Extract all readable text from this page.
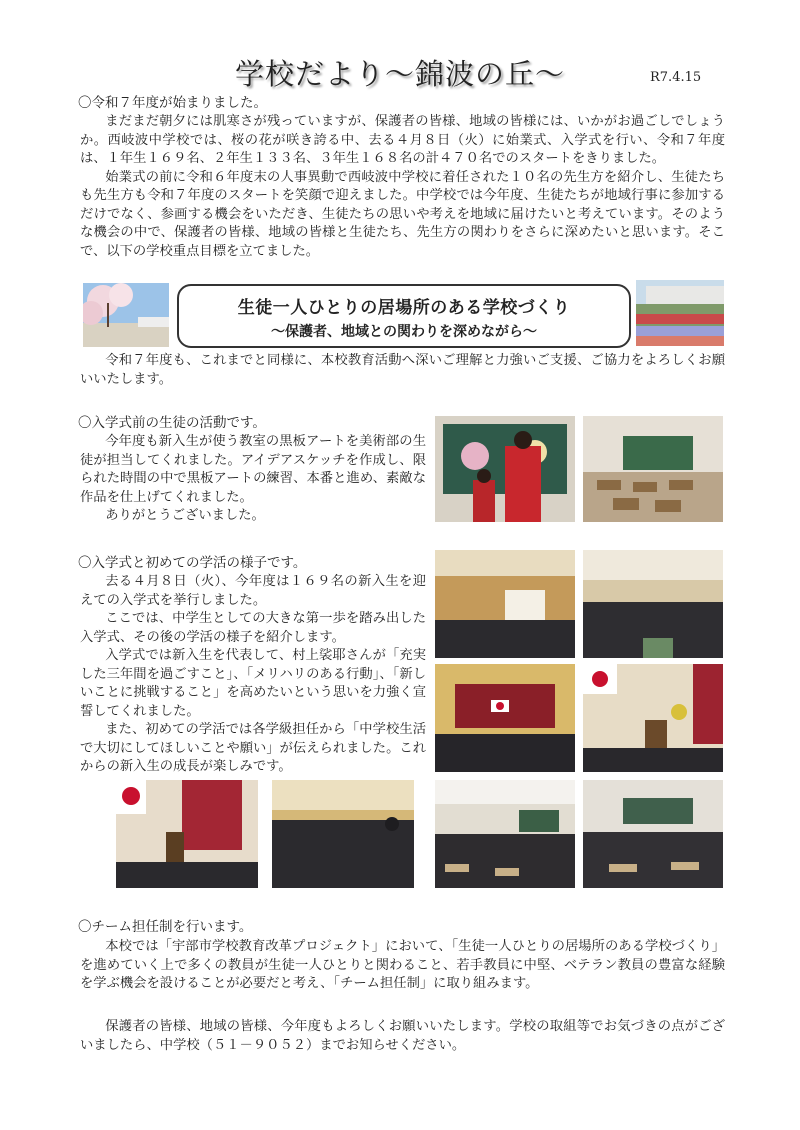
学校だより～錦波の丘～	R7.4.15
〇令和７年度が始まりました。

まだまだ朝夕には肌寒さが残っていますが、保護者の皆様、地域の皆様には、いかがお過ごしでしょうか。西岐波中学校では、桜の花が咲き誇る中、去る４月８日（火）に始業式、入学式を行い、令和７年度は、１年生１６９名、２年生１３３名、３年生１６８名の計４７０名でのスタートをきりました。

始業式の前に令和６年度末の人事異動で西岐波中学校に着任された１０名の先生方を紹介し、生徒たちも先生方も令和７年度のスタートを笑顔で迎えました。中学校では今年度、生徒たちが地域行事に参加するだけでなく、参画する機会をいただき、生徒たちの思いや考えを地域に届けたいと考えています。そのような機会の中で、保護者の皆様、地域の皆様と生徒たち、先生方の関わりをさらに深めたいと思います。そこで、以下の学校重点目標を立てました。

生徒一人ひとりの居場所のある学校づくり
～保護者、地域との関わりを深めながら～

令和７年度も、これまでと同様に、本校教育活動へ深いご理解と力強いご支援、ご協力をよろしくお願いいたします。

〇入学式前の生徒の活動です。

今年度も新入生が使う教室の黒板アートを美術部の生徒が担当してくれました。アイデアスケッチを作成し、限られた時間の中で黒板アートの練習、本番と進め、素敵な作品を仕上げてくれました。

ありがとうございました。

〇入学式と初めての学活の様子です。

去る４月８日（火）、今年度は１６９名の新入生を迎えての入学式を挙行しました。

ここでは、中学生としての大きな第一歩を踏み出した入学式、その後の学活の様子を紹介します。

入学式では新入生を代表して、村上裟耶さんが「充実した三年間を過ごすこと」、「メリハリのある行動」、「新しいことに挑戦すること」を高めたいという思いを力強く宣誓してくれました。

また、初めての学活では各学級担任から「中学校生活で大切にしてほしいことや願い」が伝えられました。これからの新入生の成長が楽しみです。

〇チーム担任制を行います。

本校では「宇部市学校教育改革プロジェクト」において、「生徒一人ひとりの居場所のある学校づくり」を進めていく上で多くの教員が生徒一人ひとりと関わること、若手教員に中堅、ベテラン教員の豊富な経験を学ぶ機会を設けることが必要だと考え、「チーム担任制」に取り組みます。

保護者の皆様、地域の皆様、今年度もよろしくお願いいたします。学校の取組等でお気づきの点がございましたら、中学校（５１－９０５２）までお知らせください。
